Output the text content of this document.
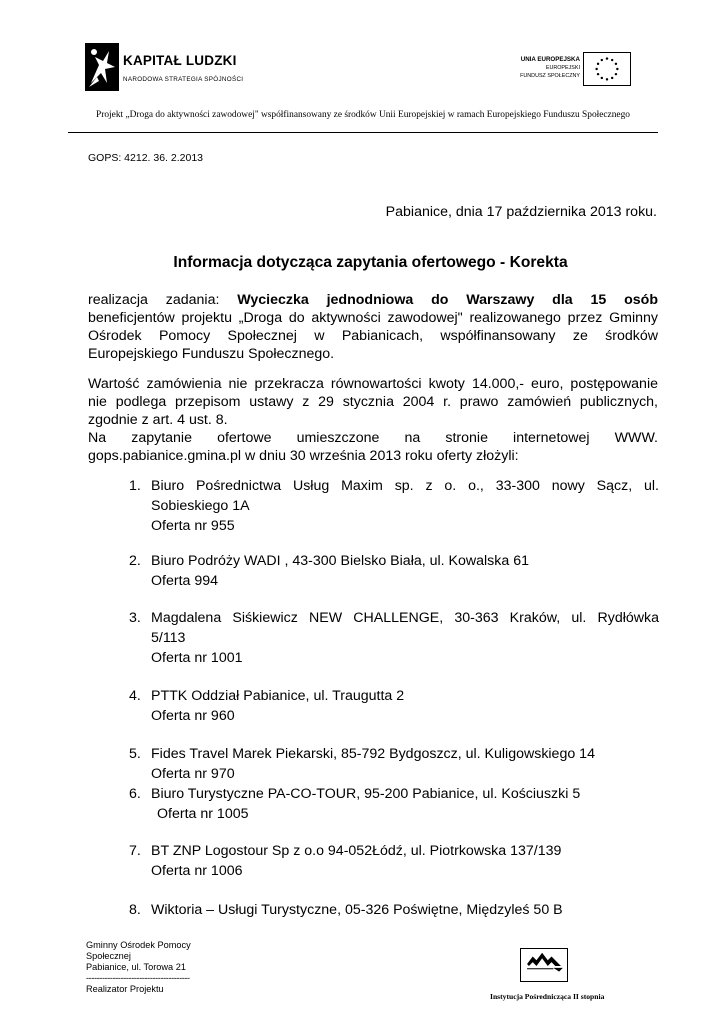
KAPITAŁ LUDZKI
NARODOWA STRATEGIA SPÓJNOŚCI
UNIA EUROPEJSKA
EUROPEJSKI
FUNDUSZ SPOŁECZNY
Projekt „Droga do aktywności zawodowej" współfinansowany ze środków Unii Europejskiej w ramach Europejskiego Funduszu Społecznego
GOPS: 4212. 36. 2.2013
Pabianice, dnia 17 października 2013 roku.
Informacja dotycząca zapytania ofertowego - Korekta
realizacja zadania: Wycieczka jednodniowa do Warszawy dla 15 osób
beneficjentów projektu „Droga do aktywności zawodowej" realizowanego przez Gminny
Ośrodek Pomocy Społecznej w Pabianicach, współfinansowany ze środków
Europejskiego Funduszu Społecznego.
Wartość zamówienia nie przekracza równowartości kwoty 14.000,- euro, postępowanie
nie podlega przepisom ustawy z 29 stycznia 2004 r. prawo zamówień publicznych,
zgodnie z art. 4 ust. 8.
Na zapytanie ofertowe umieszczone na stronie internetowej WWW.
gops.pabianice.gmina.pl w dniu 30 września 2013 roku oferty złożyli:
1. Biuro Pośrednictwa Usług Maxim sp. z o. o., 33-300 nowy Sącz, ul.
Sobieskiego 1A
Oferta nr 955
2. Biuro Podróży WADI , 43-300 Bielsko Biała, ul. Kowalska 61
Oferta 994
3. Magdalena Siśkiewicz NEW CHALLENGE, 30-363 Kraków, ul. Rydłówka
5/113
Oferta nr 1001
4. PTTK Oddział Pabianice, ul. Traugutta 2
Oferta nr 960
5. Fides Travel Marek Piekarski, 85-792 Bydgoszcz, ul. Kuligowskiego 14
Oferta nr 970
6. Biuro Turystyczne PA-CO-TOUR, 95-200 Pabianice, ul. Kościuszki 5
Oferta nr 1005
7. BT ZNP Logostour Sp z o.o 94-052Łódź, ul. Piotrkowska 137/139
Oferta nr 1006
8. Wiktoria – Usługi Turystyczne, 05-326 Poświętne, Międzyleś 50 B
Gminny Ośrodek Pomocy
Społecznej
Pabianice, ul. Torowa 21
---------------------------------------
Realizator Projektu
Instytucja Pośrednicząca II stopnia
